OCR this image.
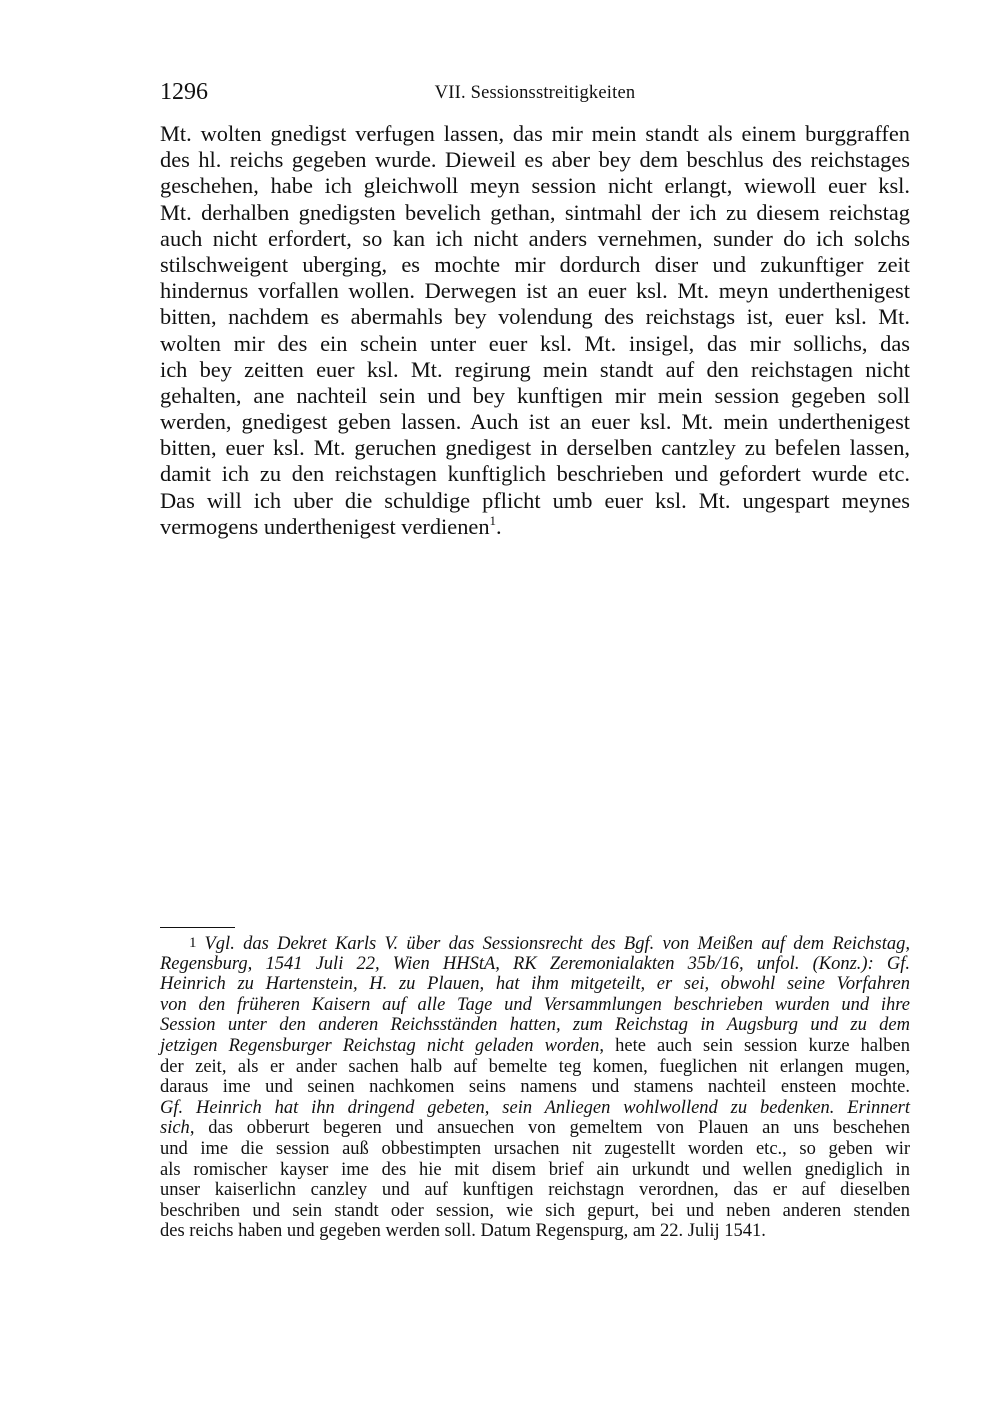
1296	VII. Sessionsstreitigkeiten
Mt. wolten gnedigst verfugen lassen, das mir mein standt als einem burggraffen
des hl. reichs gegeben wurde. Dieweil es aber bey dem beschlus des reichstages
geschehen, habe ich gleichwoll meyn session nicht erlangt, wiewoll euer ksl.
Mt. derhalben gnedigsten bevelich gethan, sintmahl der ich zu diesem reichstag
auch nicht erfordert, so kan ich nicht anders vernehmen, sunder do ich solchs
stilschweigent uberging, es mochte mir dordurch diser und zukunftiger zeit
hindernus vorfallen wollen. Derwegen ist an euer ksl. Mt. meyn underthenigest
bitten, nachdem es abermahls bey volendung des reichstags ist, euer ksl. Mt.
wolten mir des ein schein unter euer ksl. Mt. insigel, das mir sollichs, das
ich bey zeitten euer ksl. Mt. regirung mein standt auf den reichstagen nicht
gehalten, ane nachteil sein und bey kunftigen mir mein session gegeben soll
werden, gnedigest geben lassen. Auch ist an euer ksl. Mt. mein underthenigest
bitten, euer ksl. Mt. geruchen gnedigest in derselben cantzley zu befelen lassen,
damit ich zu den reichstagen kunftiglich beschrieben und gefordert wurde etc.
Das will ich uber die schuldige pflicht umb euer ksl. Mt. ungespart meynes
vermogens underthenigest verdienen$^1$.
1 Vgl. das Dekret Karls V. über das Sessionsrecht des Bgf. von Meißen auf dem Reichstag,
Regensburg, 1541 Juli 22, Wien HHStA, RK Zeremonialakten 35b/16, unfol. (Konz.): Gf.
Heinrich zu Hartenstein, H. zu Plauen, hat ihm mitgeteilt, er sei, obwohl seine Vorfahren
von den früheren Kaisern auf alle Tage und Versammlungen beschrieben wurden und ihre
Session unter den anderen Reichsständen hatten, zum Reichstag in Augsburg und zu dem
jetzigen Regensburger Reichstag nicht geladen worden, hete auch sein session kurze halben
der zeit, als er ander sachen halb auf bemelte teg komen, fueglichen nit erlangen mugen,
daraus ime und seinen nachkomen seins namens und stamens nachteil ensteen mochte.
Gf. Heinrich hat ihn dringend gebeten, sein Anliegen wohlwollend zu bedenken. Erinnert
sich, das obberurt begeren und ansuechen von gemeltem von Plauen an uns beschehen
und ime die session auß obbestimpten ursachen nit zugestellt worden etc., so geben wir
als romischer kayser ime des hie mit disem brief ain urkundt und wellen gnediglich in
unser kaiserlichn canzley und auf kunftigen reichstagn verordnen, das er auf dieselben
beschriben und sein standt oder session, wie sich gepurt, bei und neben anderen stenden
des reichs haben und gegeben werden soll. Datum Regenspurg, am 22. Julij 1541.
